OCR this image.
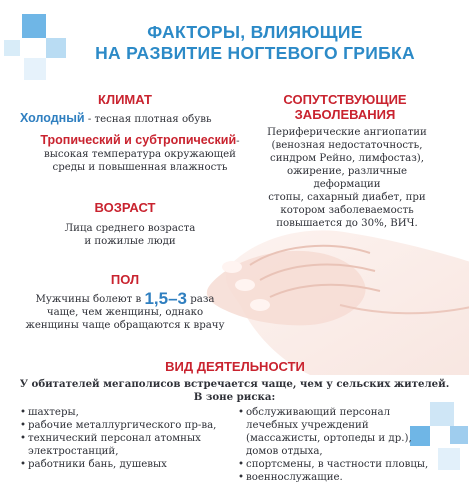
ФАКТОРЫ, ВЛИЯЮЩИЕ
НА РАЗВИТИЕ НОГТЕВОГО ГРИБКА
КЛИМАТ
Холодный - тесная плотная обувь
Тропический и субтропический-
высокая температура окружающей
среды и повышенная влажность
ВОЗРАСТ
Лица среднего возраста
и пожилые люди
ПОЛ
Мужчины болеют в 1,5–3 раза
чаще, чем женщины, однако
женщины чаще обращаются к врачу
СОПУТСТВУЮЩИЕ
ЗАБОЛЕВАНИЯ
Периферические ангиопатии
(венозная недостаточность,
синдром Рейно, лимфостаз),
ожирение, различные деформации
стопы, сахарный диабет, при
котором заболеваемость
повышается до 30%, ВИЧ.
ВИД ДЕЯТЕЛЬНОСТИ
У обитателей мегаполисов встречается чаще, чем у сельских жителей.
В зоне риска:
• шахтеры,
• рабочие металлургического пр-ва,
• технический персонал атомных электростанций,
• работники бань, душевых
• обслуживающий персонал лечебных учреждений (массажисты, ортопеды и др.), домов отдыха,
• спортсмены, в частности пловцы,
• военнослужащие.
